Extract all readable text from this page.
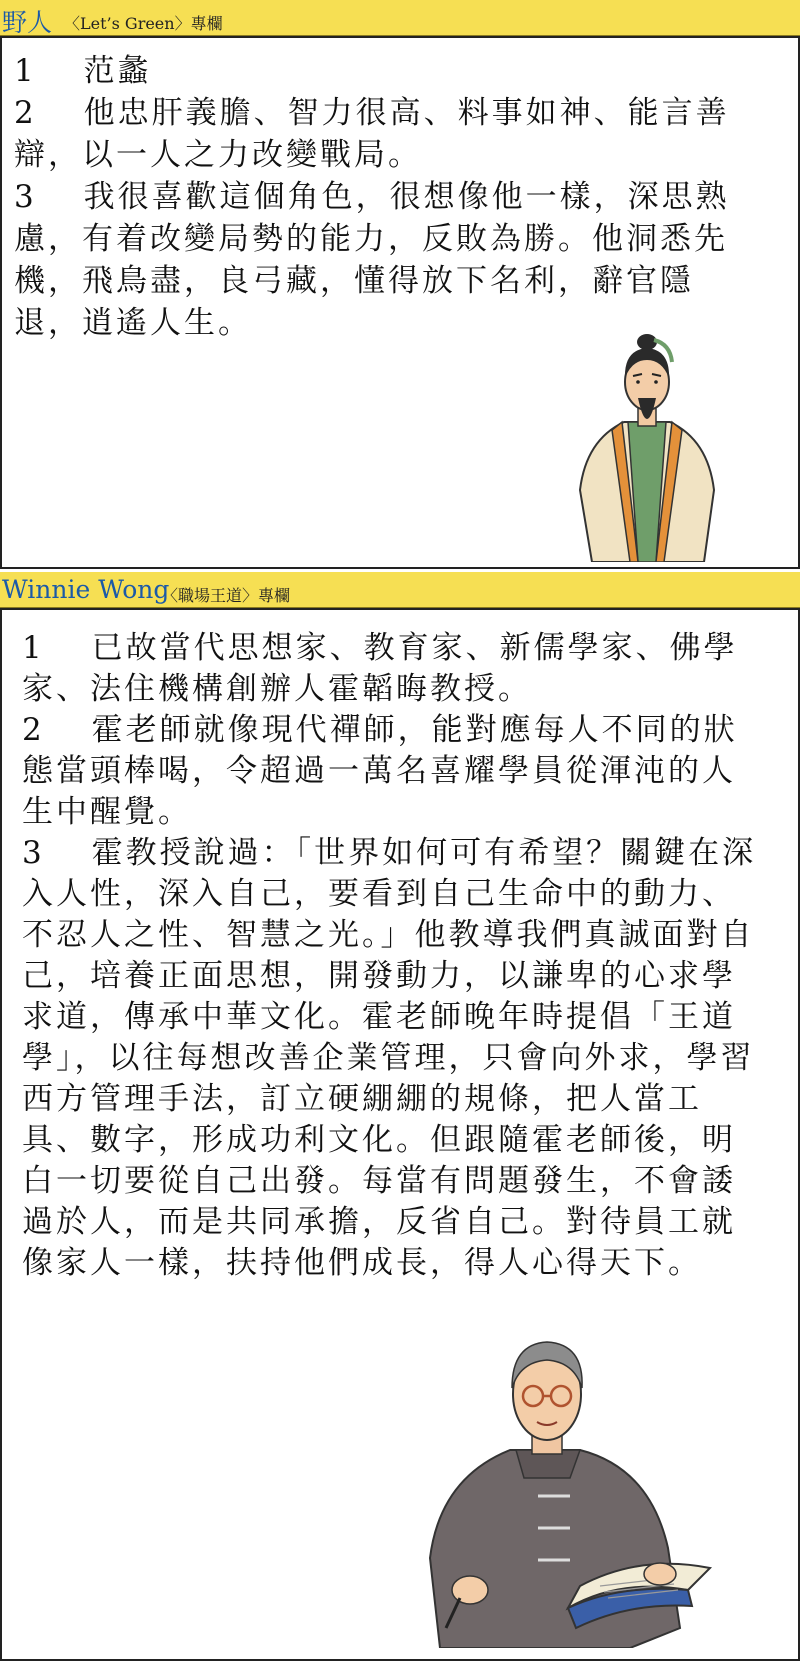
野人 〈Let’s Green〉專欄

1　 范蠡

2　 他忠肝義膽、智力很高、料事如神、能言善辯，以一人之力改變戰局。

3　 我很喜歡這個角色，很想像他一樣，深思熟慮，有着改變局勢的能力，反敗為勝。他洞悉先機，飛鳥盡，良弓藏，懂得放下名利，辭官隱退，逍遙人生。

Winnie Wong
〈職場王道〉專欄

1　 已故當代思想家、教育家、新儒學家、佛學家、法住機構創辦人霍韜晦教授。

2　 霍老師就像現代禪師，能對應每人不同的狀態當頭棒喝，令超過一萬名喜耀學員從渾沌的人生中醒覺。

3　 霍教授說過：「世界如何可有希望？關鍵在深入人性，深入自己，要看到自己生命中的動力、不忍人之性、智慧之光。」他教導我們真誠面對自己，培養正面思想，開發動力，以謙卑的心求學求道，傳承中華文化。霍老師晚年時提倡「王道學」，以往每想改善企業管理，只會向外求，學習西方管理手法，訂立硬綳綳的規條，把人當工具、數字，形成功利文化。但跟隨霍老師後，明白一切要從自己出發。每當有問題發生，不會諉過於人，而是共同承擔，反省自己。對待員工就像家人一樣，扶持他們成長，得人心得天下。
